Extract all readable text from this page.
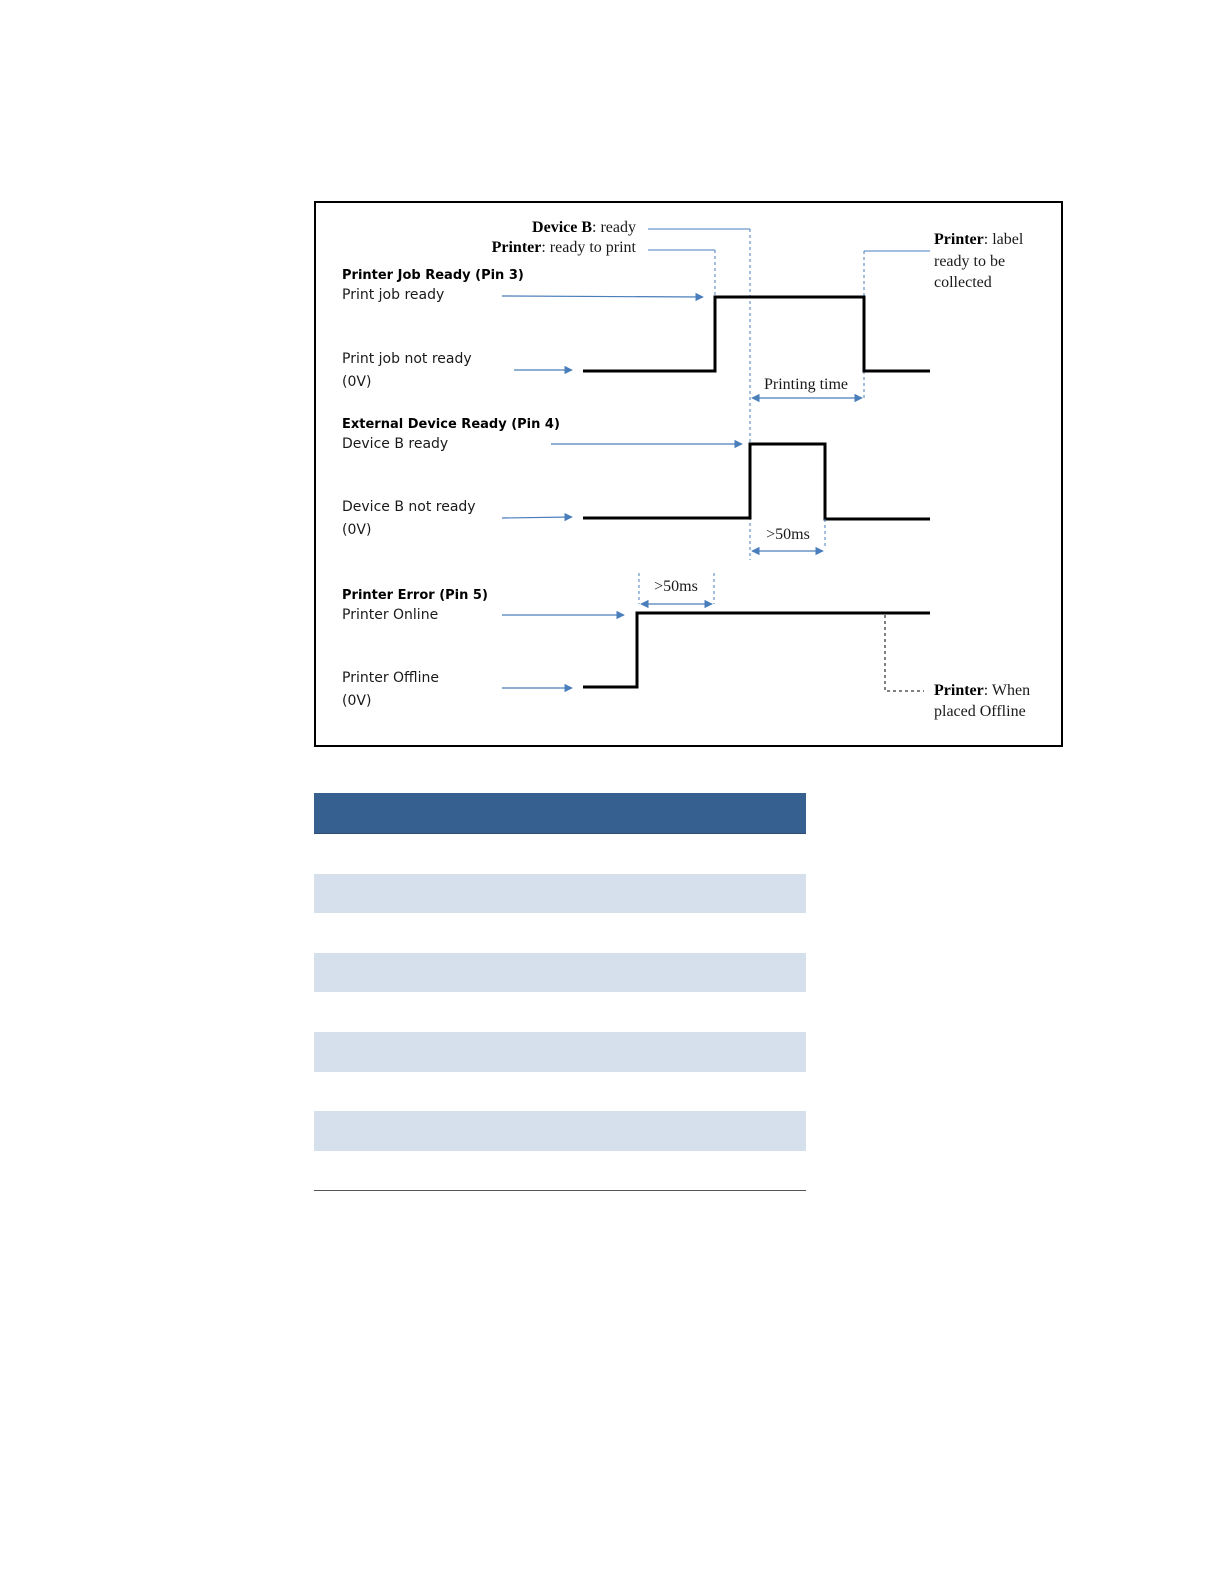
Device B: ready
Printer: ready to print	Printer: label
ready to be
collected
Printer Job Ready (Pin 3)
Print job ready
Print job not ready
(0V)	Printing time
External Device Ready (Pin 4)
Device B ready
Device B not ready
(0V)	>50ms
Printer Error (Pin 5)
Printer Online
Printer Offline
(0V)
>50ms
Printer: When
placed Offline
